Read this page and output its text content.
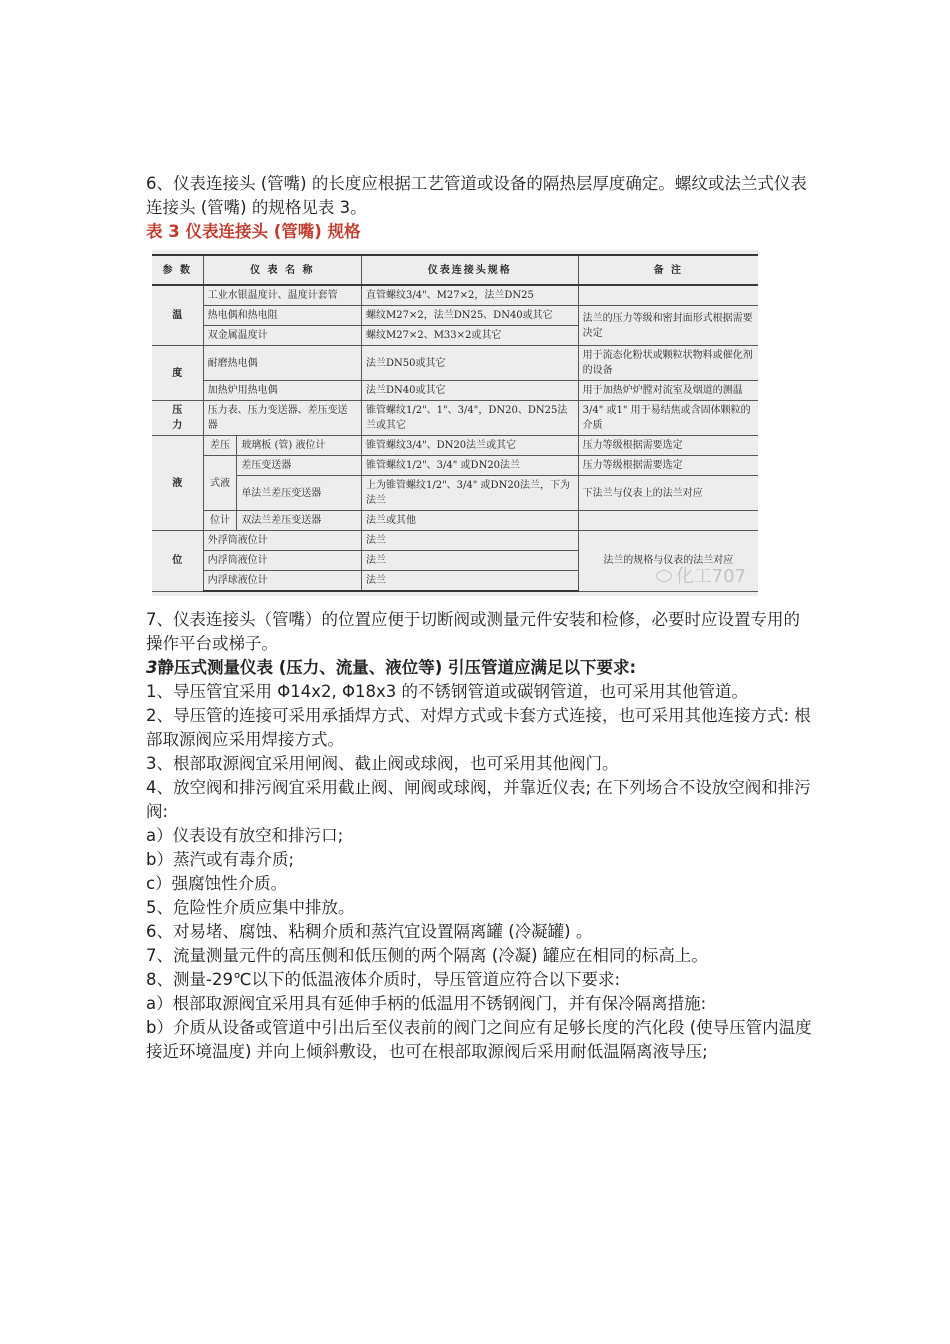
6、仪表连接头 (管嘴) 的长度应根据工艺管道或设备的隔热层厚度确定。螺纹或法兰式仪表连接头 (管嘴) 的规格见表 3。

表 3 仪表连接头 (管嘴) 规格

参 数	仪 表 名 称		仪表连接头规格	备 注
温	工业水银温度计、温度计套管		直管螺纹3/4"、M27×2，法兰DN25	
	热电偶和热电阻		螺纹M27×2，法兰DN25、DN40或其它	法兰的压力等级和密封面形式根据需要决定
	双金属温度计		螺纹M27×2、M33×2或其它	
度	耐磨热电偶		法兰DN50或其它	用于流态化粉状或颗粒状物料或催化剂的设备
	加热炉用热电偶		法兰DN40或其它	用于加热炉炉膛对流室及烟道的测温

压
力	压力表、压力变送器、差压变送器		锥管螺纹1/2"、1"、3/4"，DN20、DN25法兰或其它	3/4" 或1" 用于易结焦或含固体颗粒的介质
液	差压	玻璃板 (管) 液位计	锥管螺纹3/4"、DN20法兰或其它	压力等级根据需要选定
	式液	差压变送器	锥管螺纹1/2"、3/4" 或DN20法兰	压力等级根据需要选定
		单法兰差压变送器	上为锥管螺纹1/2"、3/4" 或DN20法兰，下为法兰	下法兰与仪表上的法兰对应
	位计	双法兰差压变送器	法兰或其他	
位	外浮筒液位计		法兰	法兰的规格与仪表的法兰对应
	内浮筒液位计		法兰	
	内浮球液位计		法兰		化工707

7、仪表连接头（管嘴）的位置应便于切断阀或测量元件安装和检修，必要时应设置专用的操作平台或梯子。

3静压式测量仪表 (压力、流量、液位等) 引压管道应满足以下要求:

1、导压管宜采用 Φ14x2, Φ18x3 的不锈钢管道或碳钢管道，也可采用其他管道。

2、导压管的连接可采用承插焊方式、对焊方式或卡套方式连接，也可采用其他连接方式: 根部取源阀应采用焊接方式。

3、根部取源阀宜采用闸阀、截止阀或球阀，也可采用其他阀门。

4、放空阀和排污阀宜采用截止阀、闸阀或球阀，并靠近仪表; 在下列场合不设放空阀和排污阀:

a）仪表设有放空和排污口;

b）蒸汽或有毒介质;

c）强腐蚀性介质。

5、危险性介质应集中排放。

6、对易堵、腐蚀、粘稠介质和蒸汽宜设置隔离罐 (冷凝罐) 。

7、流量测量元件的高压侧和低压侧的两个隔离 (冷凝) 罐应在相同的标高上。

8、测量-29℃以下的低温液体介质时，导压管道应符合以下要求:

a）根部取源阀宜采用具有延伸手柄的低温用不锈钢阀门，并有保冷隔离措施:

b）介质从设备或管道中引出后至仪表前的阀门之间应有足够长度的汽化段 (使导压管内温度接近环境温度) 并向上倾斜敷设，也可在根部取源阀后采用耐低温隔离液导压;
